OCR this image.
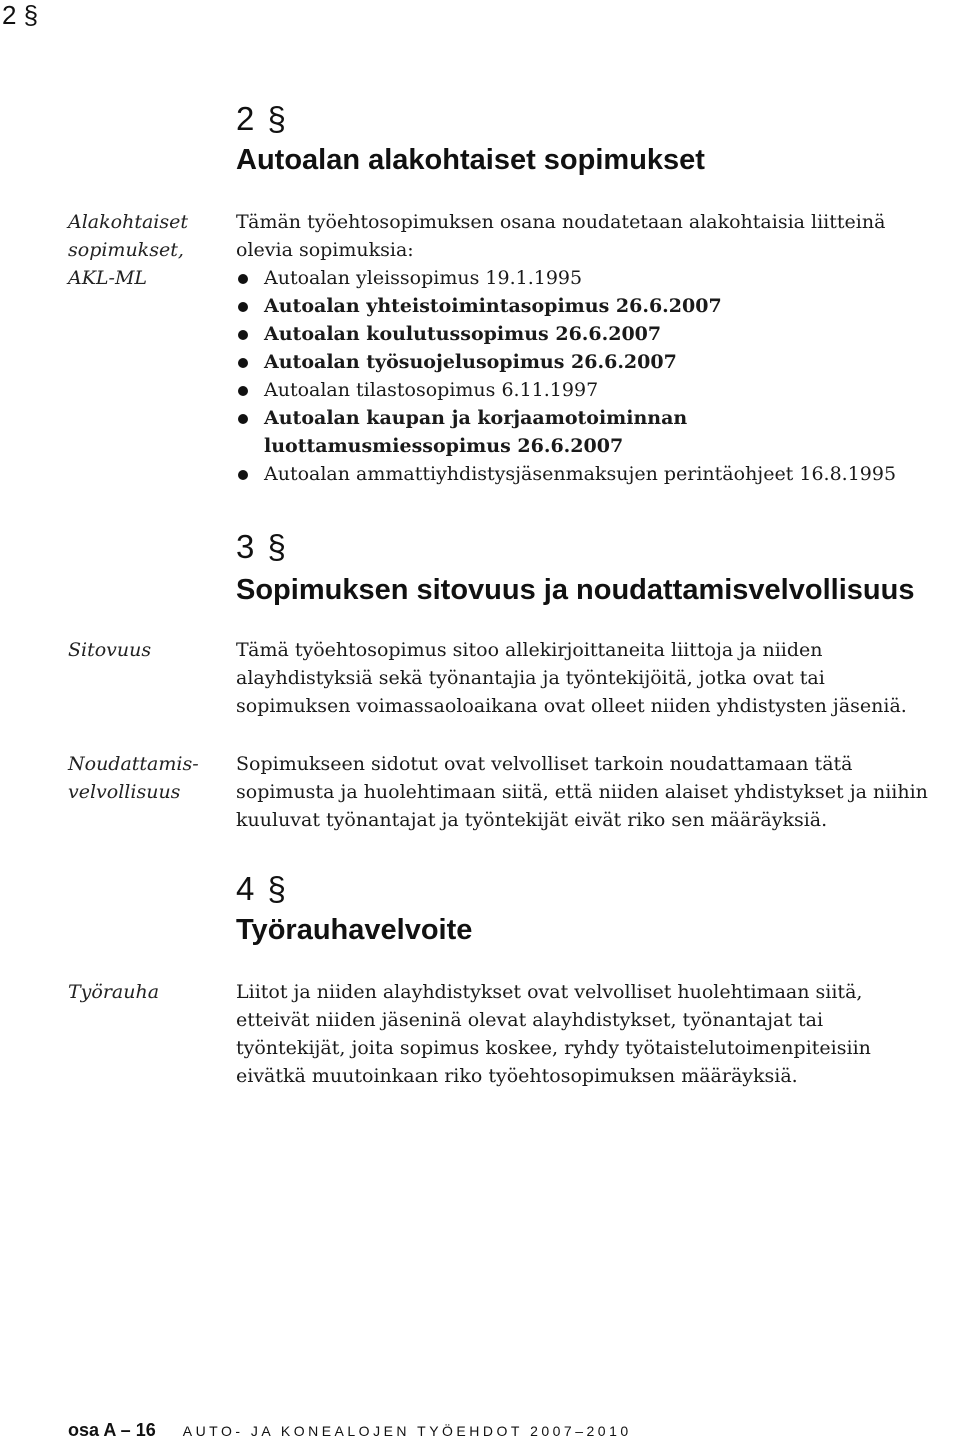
2 §
2 §
Autoalan alakohtaiset sopimukset
Alakohtaiset
sopimukset,
AKL-ML

Tämän työehtosopimuksen osana noudatetaan alakohtaisia liitteinä olevia sopimuksia:

Autoalan yleissopimus 19.1.1995
Autoalan yhteistoimintasopimus 26.6.2007
Autoalan koulutussopimus 26.6.2007
Autoalan työsuojelusopimus 26.6.2007
Autoalan tilastosopimus 6.11.1997
Autoalan kaupan ja korjaamotoiminnan luottamusmiessopimus 26.6.2007
Autoalan ammattiyhdistysjäsenmaksujen perintäohjeet 16.8.1995
3 §
Sopimuksen sitovuus ja noudattamisvelvollisuus
Sitovuus	Tämä työehtosopimus sitoo allekirjoittaneita liittoja ja niiden alayhdistyksiä sekä työnantajia ja työntekijöitä, jotka ovat tai sopimuksen voimassaoloaikana ovat olleet niiden yhdistysten jäseniä.

Noudattamis-
velvollisuus

Sopimukseen sidotut ovat velvolliset tarkoin noudattamaan tätä sopimusta ja huolehtimaan siitä, että niiden alaiset yhdistykset ja niihin kuuluvat työnantajat ja työntekijät eivät riko sen määräyksiä.

4 §
Työrauhavelvoite
Työrauha	Liitot ja niiden alayhdistykset ovat velvolliset huolehtimaan siitä, etteivät niiden jäseninä olevat alayhdistykset, työnantajat tai työntekijät, joita sopimus koskee, ryhdy työtaistelutoimenpiteisiin eivätkä muutoinkaan riko työehtosopimuksen määräyksiä.

osa A – 16 AUTO- JA KONEALOJEN TYÖEHDOT 2007–2010
